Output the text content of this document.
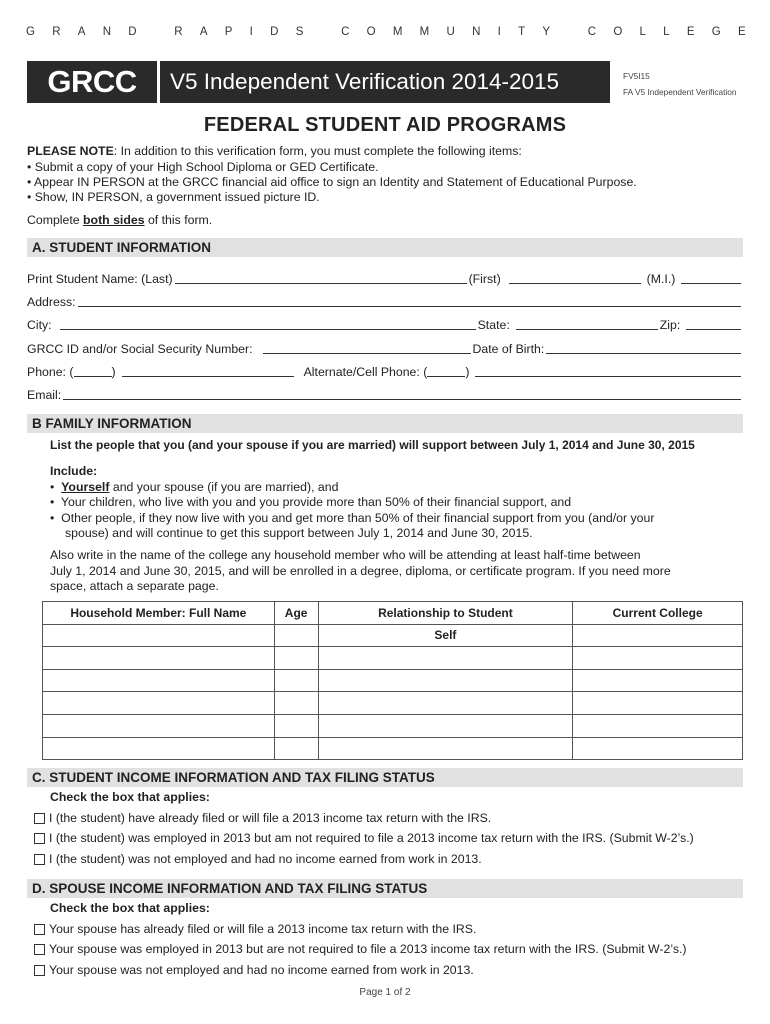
G R A N D
	R A P I D S
	C O M M U N I T Y
	C O L L E G E
GRCC	V5 Independent Verification 2014-2015	FV5I15
FA V5 Independent Verification
FEDERAL STUDENT AID PROGRAMS
PLEASE NOTE: In addition to this verification form, you must complete the following items:
• Submit a copy of your High School Diploma or GED Certificate.
• Appear IN PERSON at the GRCC financial aid office to sign an Identity and Statement of Educational Purpose.
• Show, IN PERSON, a government issued picture ID.
Complete both sides of this form.
A. STUDENT INFORMATION
Print Student Name: (Last)	(First)	(M.I.)
Address:
City:	State:	Zip:
GRCC ID and/or Social Security Number:	Date of Birth:
Phone: (	)	Alternate/Cell Phone: (	)
Email:
B FAMILY INFORMATION
List the people that you (and your spouse if you are married) will support between July 1, 2014 and June 30, 2015
Include:
•  Yourself and your spouse (if you are married), and
•  Your children, who live with you and you provide more than 50% of their financial support, and
•  Other people, if they now live with you and get more than 50% of their financial support from you (and/or your
spouse) and will continue to get this support between July 1, 2014 and June 30, 2015.
Also write in the name of the college any household member who will be attending at least half-time between
July 1, 2014 and June 30, 2015, and will be enrolled in a degree, diploma, or certificate program. If you need more
space, attach a separate page.
Household Member: Full Name	Age	Relationship to Student	Current College
		Self	

C. STUDENT INCOME INFORMATION AND TAX FILING STATUS
Check the box that applies:
I (the student) have already filed or will file a 2013 income tax return with the IRS.
I (the student) was employed in 2013 but am not required to file a 2013 income tax return with the IRS. (Submit W-2’s.)
I (the student) was not employed and had no income earned from work in 2013.
D. SPOUSE INCOME INFORMATION AND TAX FILING STATUS
Check the box that applies:
Your spouse has already filed or will file a 2013 income tax return with the IRS.
Your spouse was employed in 2013 but are not required to file a 2013 income tax return with the IRS. (Submit W-2’s.)
Your spouse was not employed and had no income earned from work in 2013.
Page 1 of 2
